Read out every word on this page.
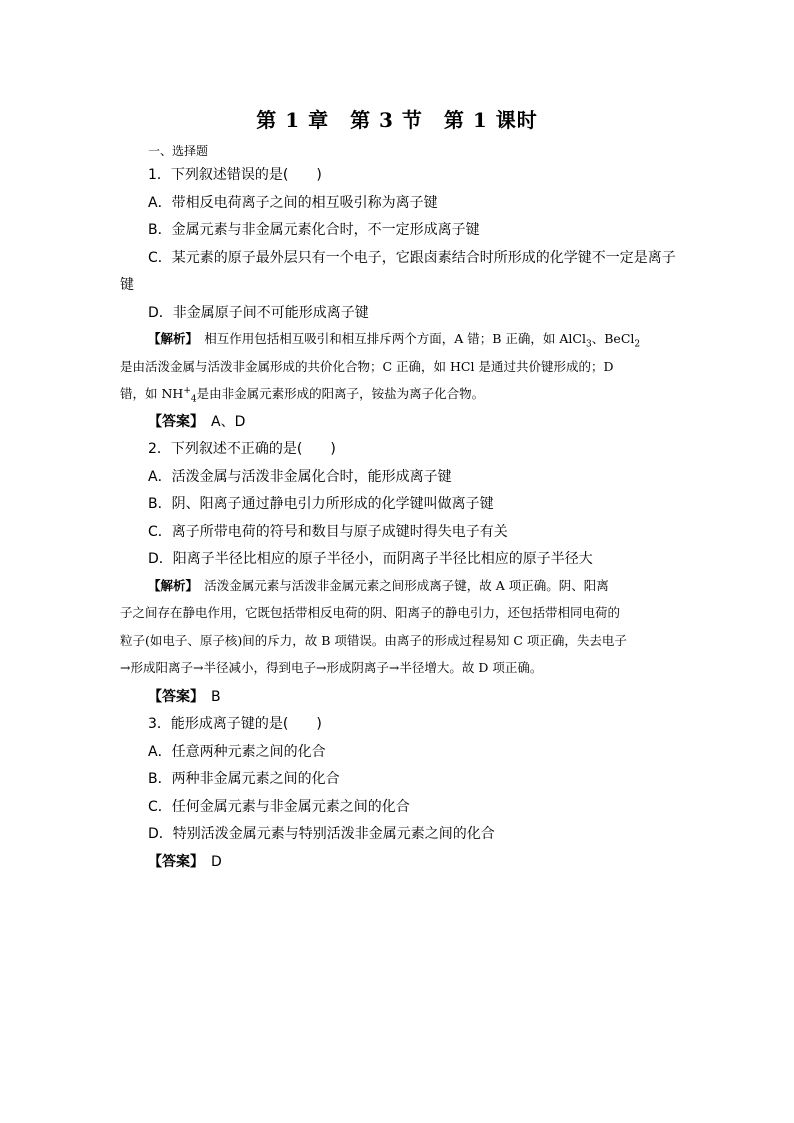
第 1 章　第 3 节　第 1 课时
一、选择题
1．下列叙述错误的是(　　)
A．带相反电荷离子之间的相互吸引称为离子键
B．金属元素与非金属元素化合时，不一定形成离子键
C．某元素的原子最外层只有一个电子，它跟卤素结合时所形成的化学键不一定是离子
键
D．非金属原子间不可能形成离子键
【解析】　相互作用包括相互吸引和相互排斥两个方面，A 错；B 正确，如 AlCl$_3$、BeCl$_2$
是由活泼金属与活泼非金属形成的共价化合物；C 正确，如 HCl 是通过共价键形成的；D
错，如 $NH^+_4$是由非金属元素形成的阳离子，铵盐为离子化合物。
【答案】　A、D
2．下列叙述不正确的是(　　)
A．活泼金属与活泼非金属化合时，能形成离子键
B．阴、阳离子通过静电引力所形成的化学键叫做离子键
C．离子所带电荷的符号和数目与原子成键时得失电子有关
D．阳离子半径比相应的原子半径小，而阴离子半径比相应的原子半径大
【解析】　活泼金属元素与活泼非金属元素之间形成离子键，故 A 项正确。阴、阳离
子之间存在静电作用，它既包括带相反电荷的阴、阳离子的静电引力，还包括带相同电荷的
粒子(如电子、原子核)间的斥力，故 B 项错误。由离子的形成过程易知 C 项正确，失去电子
→形成阳离子→半径减小，得到电子→形成阴离子→半径增大。故 D 项正确。
【答案】　B
3．能形成离子键的是(　　)
A．任意两种元素之间的化合
B．两种非金属元素之间的化合
C．任何金属元素与非金属元素之间的化合
D．特别活泼金属元素与特别活泼非金属元素之间的化合
【答案】　D
